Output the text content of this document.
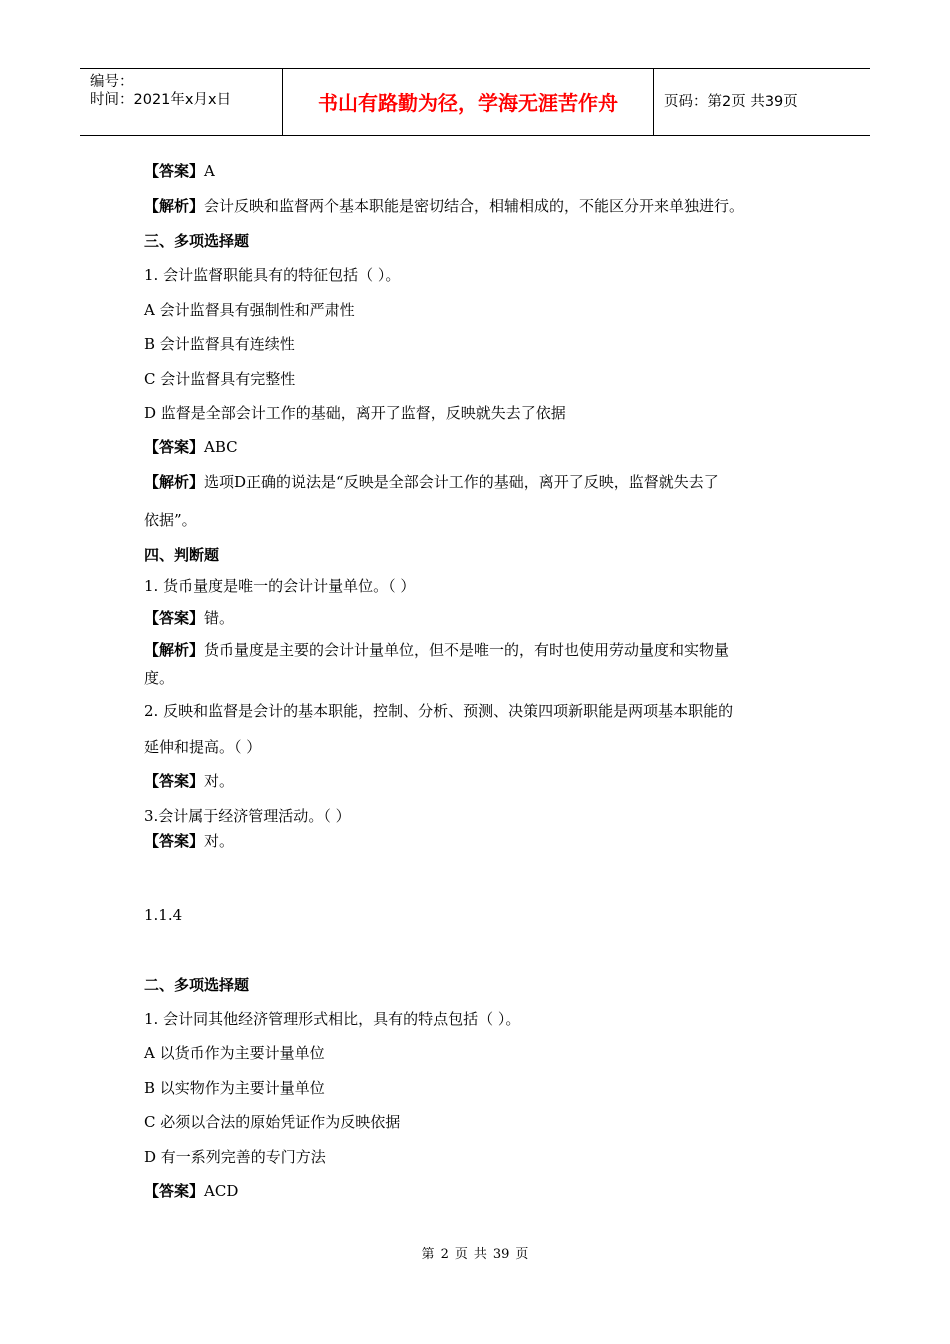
编号：
时间：2021年x月x日	书山有路勤为径，学海无涯苦作舟	页码：第2页 共39页
【答案】A
【解析】会计反映和监督两个基本职能是密切结合，相辅相成的，不能区分开来单独进行。
三、多项选择题
1. 会计监督职能具有的特征包括（ ）。
A 会计监督具有强制性和严肃性
B 会计监督具有连续性
C 会计监督具有完整性
D 监督是全部会计工作的基础，离开了监督，反映就失去了依据
【答案】ABC
【解析】选项D正确的说法是“反映是全部会计工作的基础，离开了反映，监督就失去了
依据”。
四、判断题
1. 货币量度是唯一的会计计量单位。（ ）
【答案】错。
【解析】货币量度是主要的会计计量单位，但不是唯一的，有时也使用劳动量度和实物量
度。
2. 反映和监督是会计的基本职能，控制、分析、预测、决策四项新职能是两项基本职能的
延伸和提高。（ ）
【答案】对。
3.会计属于经济管理活动。（ ）
【答案】对。
1.1.4
二、多项选择题
1. 会计同其他经济管理形式相比，具有的特点包括（ ）。
A 以货币作为主要计量单位
B 以实物作为主要计量单位
C 必须以合法的原始凭证作为反映依据
D 有一系列完善的专门方法
【答案】ACD
第 2 页 共 39 页
